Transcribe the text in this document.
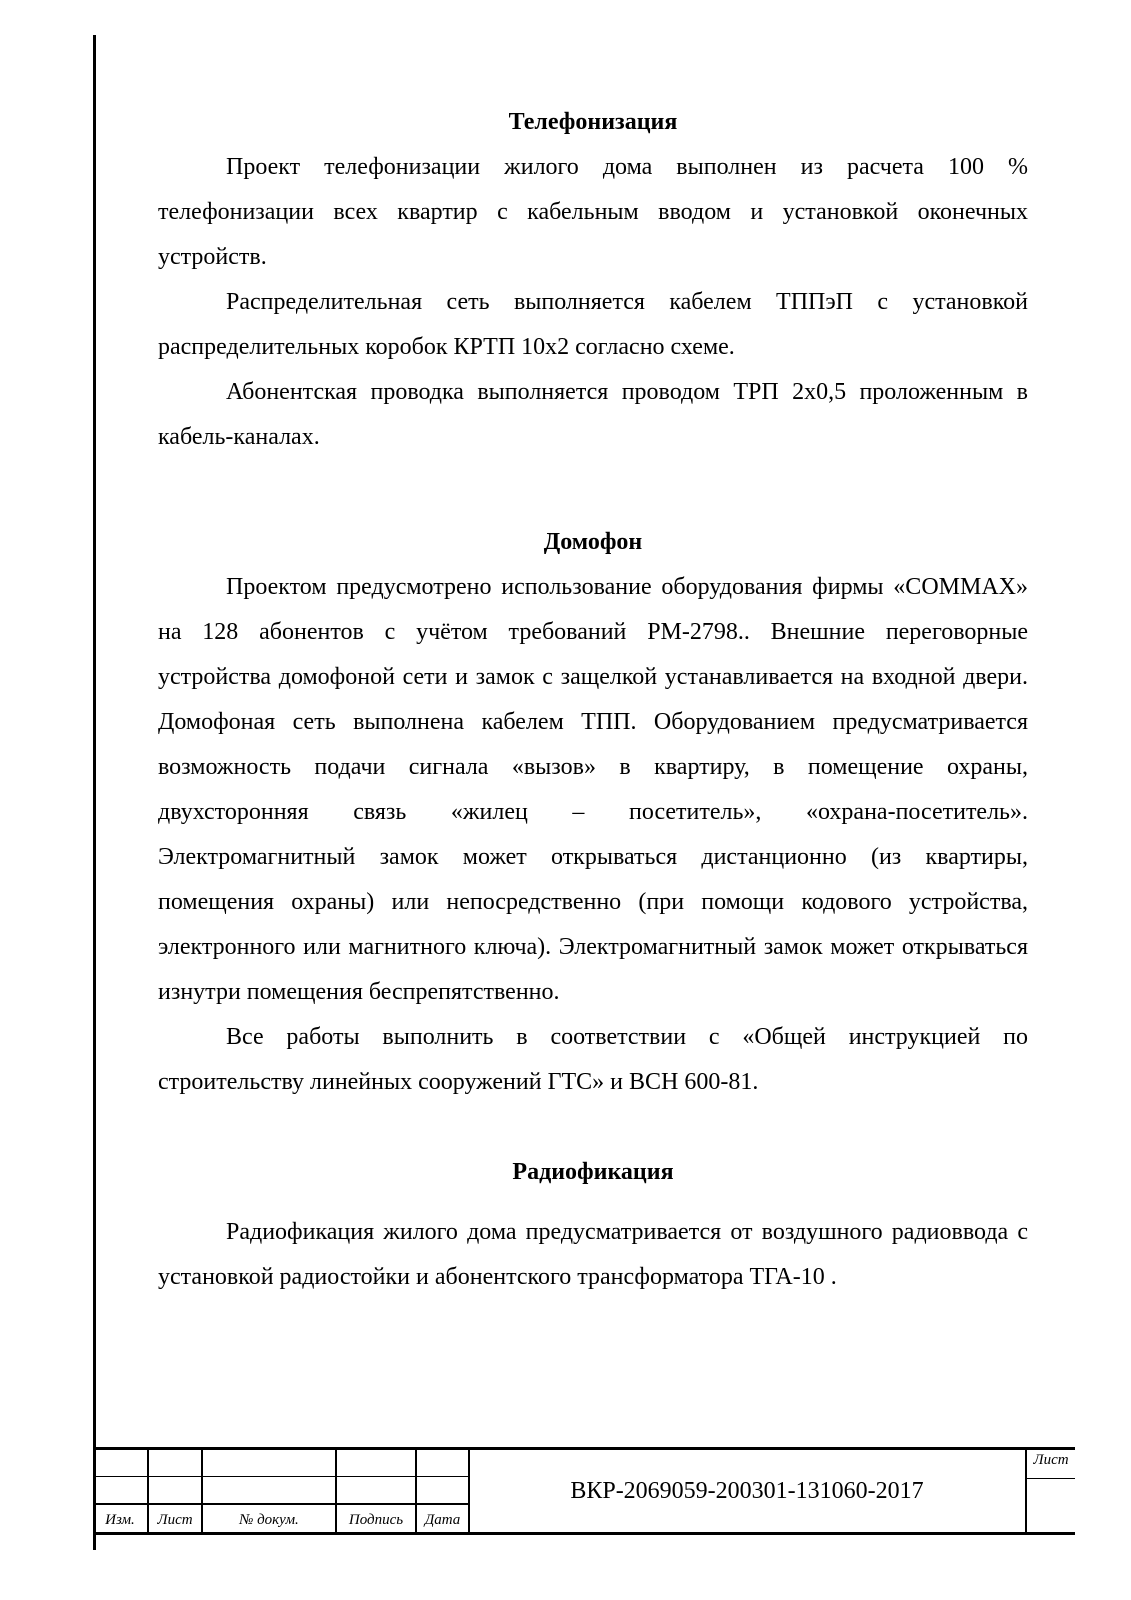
Телефонизация

Проект телефонизации жилого дома выполнен из расчета 100 % телефонизации всех квартир с кабельным вводом и установкой оконечных устройств.

Распределительная сеть выполняется кабелем ТППэП с установкой распределительных коробок КРТП 10х2 согласно схеме.

Абонентская проводка выполняется проводом ТРП 2х0,5 проложенным в кабель-каналах.

Домофон

Проектом предусмотрено использование оборудования фирмы «COMMAX» на 128 абонентов с учётом требований РМ-2798.. Внешние переговорные устройства домофоной сети и замок с защелкой устанавливается на входной двери. Домофоная сеть выполнена кабелем ТПП. Оборудованием предусматривается возможность подачи сигнала «вызов» в квартиру, в помещение охраны, двухсторонняя связь «жилец – посетитель», «охрана-посетитель». Электромагнитный замок может открываться дистанционно (из квартиры, помещения охраны) или непосредственно (при помощи кодового устройства, электронного или магнитного ключа). Электромагнитный замок может открываться изнутри помещения беспрепятственно.

Все работы выполнить в соответствии с «Общей инструкцией по строительству линейных сооружений ГТС» и ВСН 600-81.

Радиофикация

Радиофикация жилого дома предусматривается от воздушного радиоввода с установкой радиостойки и абонентского трансформатора ТГА-10 .

Изм.	Лист	№ докум.	Подпись	Дата
ВКР-2069059-200301-131060-2017
Лист
